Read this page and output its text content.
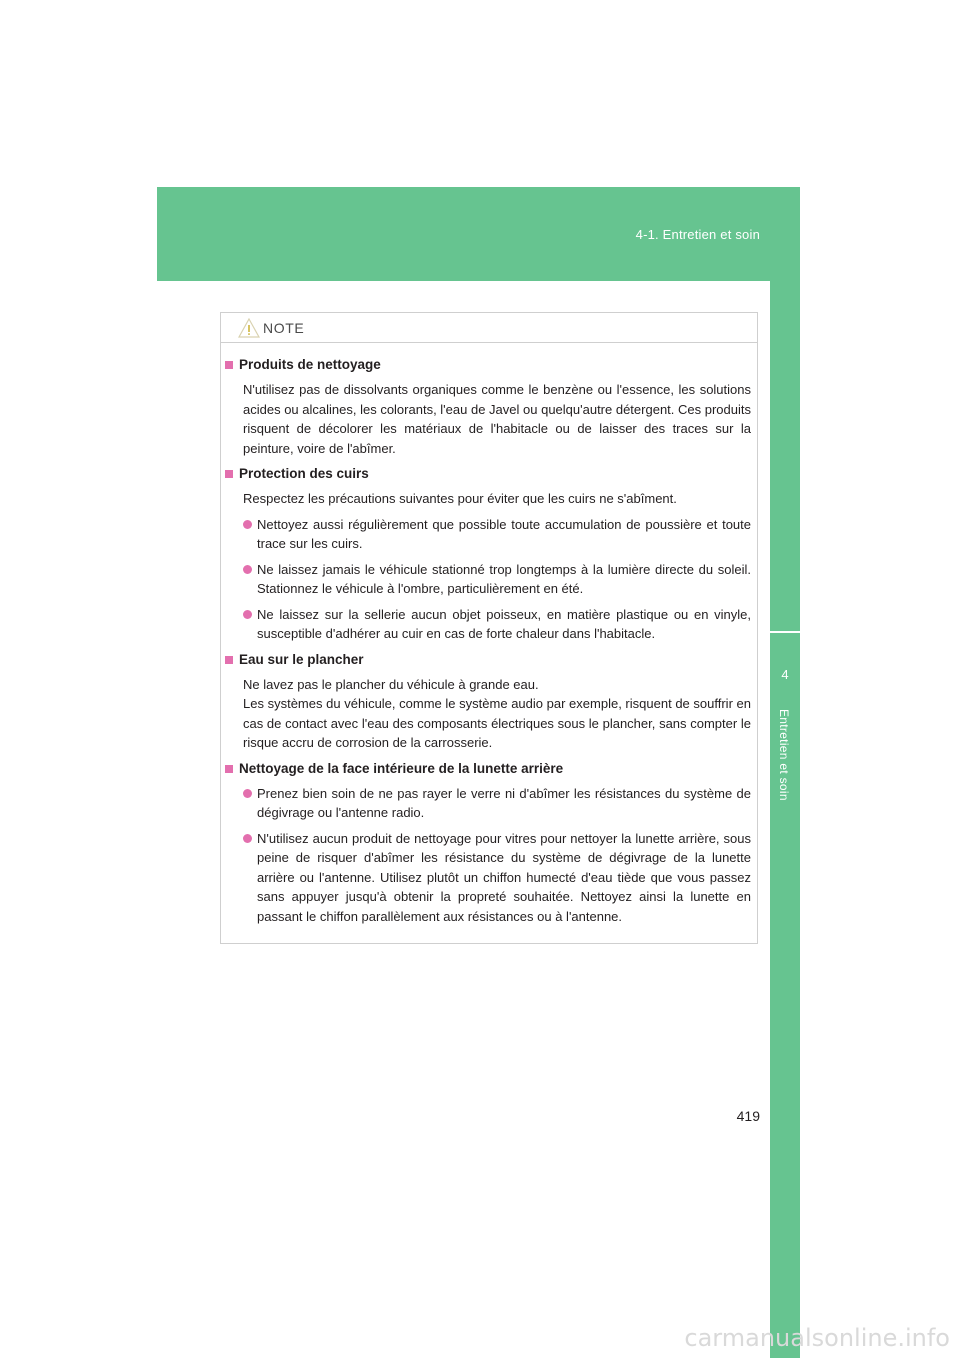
4-1. Entretien et soin
4
Entretien et soin
NOTE
Produits de nettoyage
N'utilisez pas de dissolvants organiques comme le benzène ou l'essence, les solutions acides ou alcalines, les colorants, l'eau de Javel ou quelqu'autre détergent. Ces produits risquent de décolorer les matériaux de l'habitacle ou de laisser des traces sur la peinture, voire de l'abîmer.
Protection des cuirs
Respectez les précautions suivantes pour éviter que les cuirs ne s'abîment.
Nettoyez aussi régulièrement que possible toute accumulation de poussière et toute trace sur les cuirs.
Ne laissez jamais le véhicule stationné trop longtemps à la lumière directe du soleil. Stationnez le véhicule à l'ombre, particulièrement en été.
Ne laissez sur la sellerie aucun objet poisseux, en matière plastique ou en vinyle, susceptible d'adhérer au cuir en cas de forte chaleur dans l'habitacle.
Eau sur le plancher
Ne lavez pas le plancher du véhicule à grande eau.
Les systèmes du véhicule, comme le système audio par exemple, risquent de souffrir en cas de contact avec l'eau des composants électriques sous le plancher, sans compter le risque accru de corrosion de la carrosserie.
Nettoyage de la face intérieure de la lunette arrière
Prenez bien soin de ne pas rayer le verre ni d'abîmer les résistances du système de dégivrage ou l'antenne radio.
N'utilisez aucun produit de nettoyage pour vitres pour nettoyer la lunette arrière, sous peine de risquer d'abîmer les résistance du système de dégivrage de la lunette arrière ou l'antenne. Utilisez plutôt un chiffon humecté d'eau tiède que vous passez sans appuyer jusqu'à obtenir la propreté souhaitée. Nettoyez ainsi la lunette en passant le chiffon parallèlement aux résistances ou à l'antenne.
419
carmanualsonline.info
